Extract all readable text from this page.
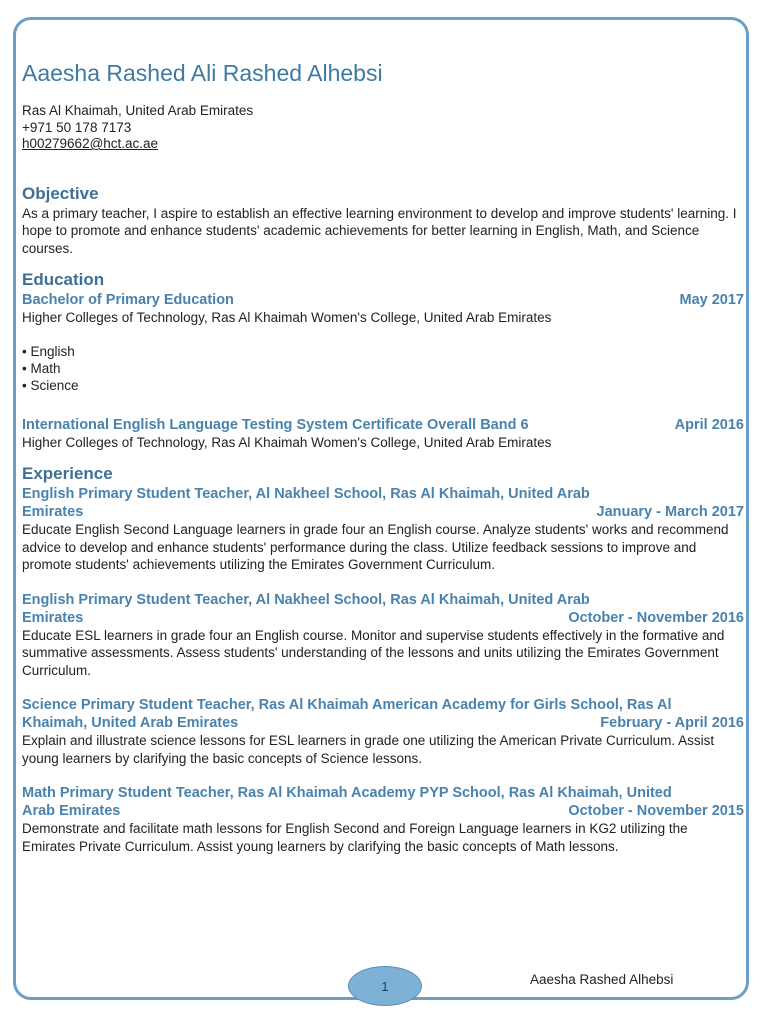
Aaesha Rashed Ali Rashed Alhebsi
Ras Al Khaimah, United Arab Emirates
+971 50 178 7173
h00279662@hct.ac.ae
Objective
As a primary teacher, I aspire to establish an effective learning environment to develop and improve students' learning. I hope to promote and enhance students' academic achievements for better learning in English, Math, and Science courses.
Education
Bachelor of Primary Education	May 2017
Higher Colleges of Technology, Ras Al Khaimah Women's College, United Arab Emirates
• English
• Math
• Science
International English Language Testing System Certificate Overall Band 6	April 2016
Higher Colleges of Technology, Ras Al Khaimah Women's College, United Arab Emirates
Experience
English Primary Student Teacher, Al Nakheel School, Ras Al Khaimah, United Arab
Emirates	January - March 2017
Educate English Second Language learners in grade four an English course. Analyze students' works and recommend advice to develop and enhance students' performance during the class. Utilize feedback sessions to improve and promote students' achievements utilizing the Emirates Government Curriculum.
English Primary Student Teacher, Al Nakheel School, Ras Al Khaimah, United Arab
Emirates	October - November 2016
Educate ESL learners in grade four an English course. Monitor and supervise students effectively in the formative and summative assessments. Assess students' understanding of the lessons and units utilizing the Emirates Government Curriculum.
Science Primary Student Teacher, Ras Al Khaimah American Academy for Girls School, Ras Al
Khaimah, United Arab Emirates	February - April 2016
Explain and illustrate science lessons for ESL learners in grade one utilizing the American Private Curriculum. Assist young learners by clarifying the basic concepts of Science lessons.
Math Primary Student Teacher, Ras Al Khaimah Academy PYP School, Ras Al Khaimah, United
Arab Emirates	October - November 2015
Demonstrate and facilitate math lessons for English Second and Foreign Language learners in KG2 utilizing the Emirates Private Curriculum. Assist young learners by clarifying the basic concepts of Math lessons.
1	Aaesha Rashed Alhebsi
